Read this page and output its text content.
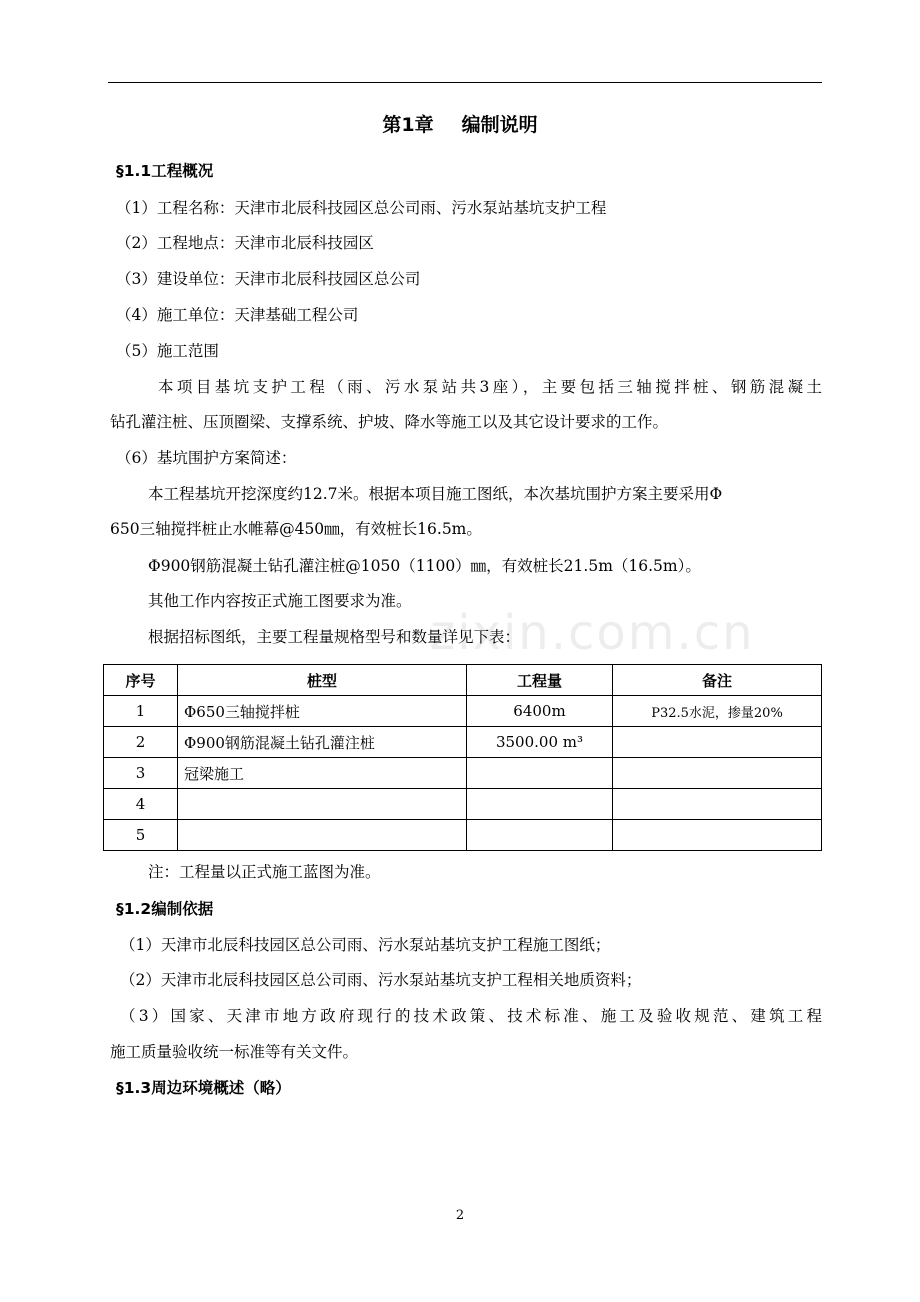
第1章 编制说明
§1.1工程概况
（1）工程名称：天津市北辰科技园区总公司雨、污水泵站基坑支护工程
（2）工程地点：天津市北辰科技园区
（3）建设单位：天津市北辰科技园区总公司
（4）施工单位：天津基础工程公司
（5）施工范围
本项目基坑支护工程（雨、污水泵站共3座），主要包括三轴搅拌桩、钢筋混凝土
钻孔灌注桩、压顶圈梁、支撑系统、护坡、降水等施工以及其它设计要求的工作。
（6）基坑围护方案简述：
本工程基坑开挖深度约12.7米。根据本项目施工图纸，本次基坑围护方案主要采用Φ
650三轴搅拌桩止水帷幕@450㎜，有效桩长16.5m。
Φ900钢筋混凝土钻孔灌注桩@1050（1100）㎜，有效桩长21.5m（16.5m）。
其他工作内容按正式施工图要求为准。
根据招标图纸，主要工程量规格型号和数量详见下表：
zixin.com.cn
序号	桩型	工程量	备注
1	Φ650三轴搅拌桩	6400m	P32.5水泥，掺量20%
2	Φ900钢筋混凝土钻孔灌注桩	3500.00 m³	
3	冠梁施工		
4			
5			
注：工程量以正式施工蓝图为准。
§1.2编制依据
（1）天津市北辰科技园区总公司雨、污水泵站基坑支护工程施工图纸；
（2）天津市北辰科技园区总公司雨、污水泵站基坑支护工程相关地质资料；
（3）国家、天津市地方政府现行的技术政策、技术标准、施工及验收规范、建筑工程
施工质量验收统一标准等有关文件。
§1.3周边环境概述（略）
2
